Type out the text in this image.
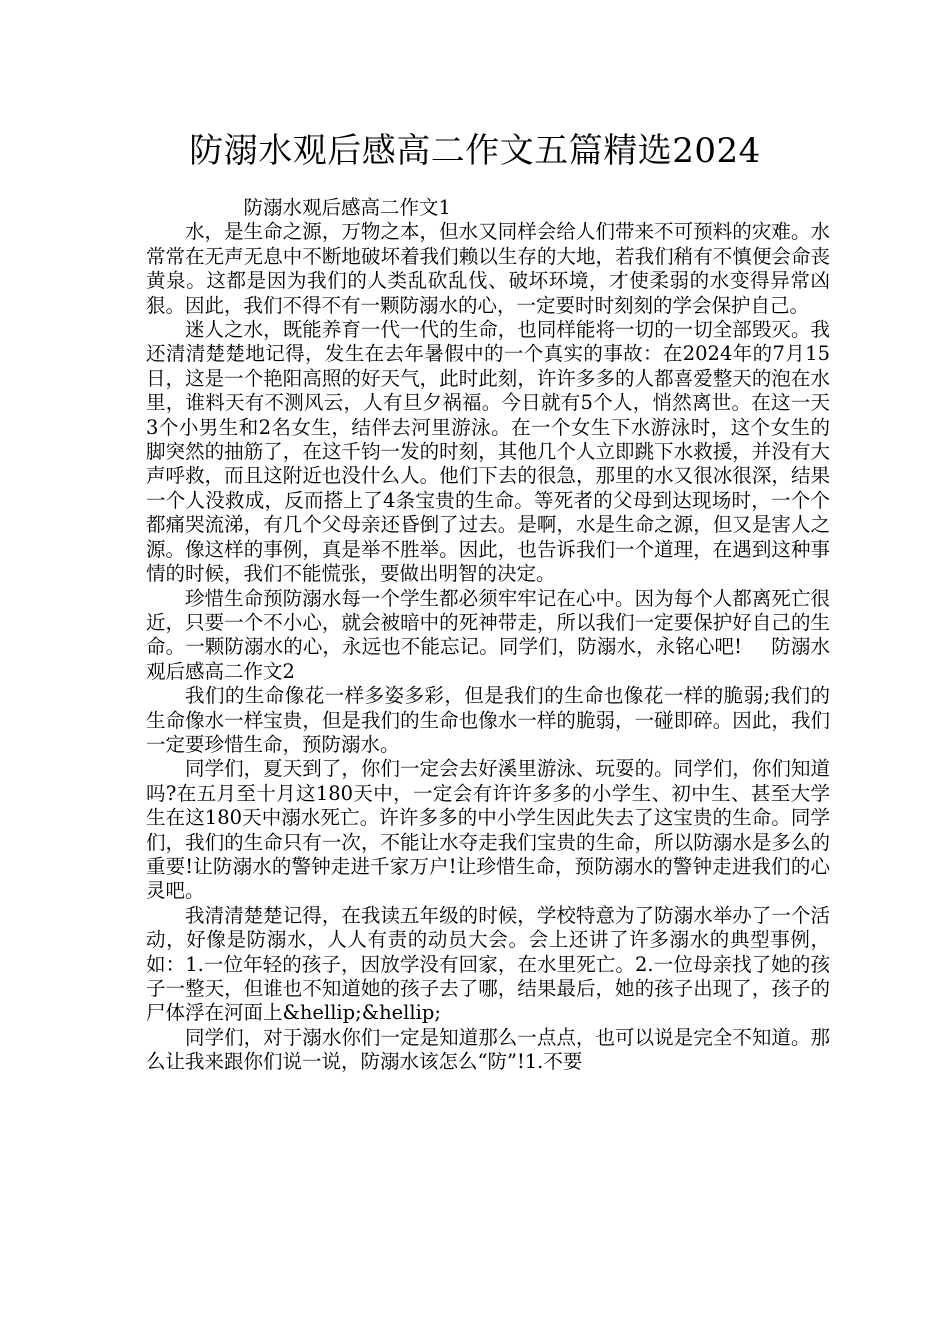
防溺水观后感高二作文五篇精选2024

防溺水观后感高二作文1

水，是生命之源，万物之本，但水又同样会给人们带来不可预料的灾难。水常常在无声无息中不断地破坏着我们赖以生存的大地，若我们稍有不慎便会命丧黄泉。这都是因为我们的人类乱砍乱伐、破坏环境，才使柔弱的水变得异常凶狠。因此，我们不得不有一颗防溺水的心，一定要时时刻刻的学会保护自己。

迷人之水，既能养育一代一代的生命，也同样能将一切的一切全部毁灭。我还清清楚楚地记得，发生在去年暑假中的一个真实的事故：在2024年的7月15日，这是一个艳阳高照的好天气，此时此刻，许许多多的人都喜爱整天的泡在水里，谁料天有不测风云，人有旦夕祸福。今日就有5个人，悄然离世。在这一天3个小男生和2名女生，结伴去河里游泳。在一个女生下水游泳时，这个女生的脚突然的抽筋了，在这千钧一发的时刻，其他几个人立即跳下水救援，并没有大声呼救，而且这附近也没什么人。他们下去的很急，那里的水又很冰很深，结果一个人没救成，反而搭上了4条宝贵的生命。等死者的父母到达现场时，一个个都痛哭流涕，有几个父母亲还昏倒了过去。是啊，水是生命之源，但又是害人之源。像这样的事例，真是举不胜举。因此，也告诉我们一个道理，在遇到这种事情的时候，我们不能慌张，要做出明智的决定。

珍惜生命预防溺水每一个学生都必须牢牢记在心中。因为每个人都离死亡很近，只要一个不小心，就会被暗中的死神带走，所以我们一定要保护好自己的生命。一颗防溺水的心，永远也不能忘记。同学们，防溺水，永铭心吧! 防溺水观后感高二作文2

我们的生命像花一样多姿多彩，但是我们的生命也像花一样的脆弱;我们的生命像水一样宝贵，但是我们的生命也像水一样的脆弱，一碰即碎。因此，我们一定要珍惜生命，预防溺水。

同学们，夏天到了，你们一定会去好溪里游泳、玩耍的。同学们，你们知道吗?在五月至十月这180天中，一定会有许许多多的小学生、初中生、甚至大学生在这180天中溺水死亡。许许多多的中小学生因此失去了这宝贵的生命。同学们，我们的生命只有一次，不能让水夺走我们宝贵的生命，所以防溺水是多么的重要!让防溺水的警钟走进千家万户!让珍惜生命，预防溺水的警钟走进我们的心灵吧。

我清清楚楚记得，在我读五年级的时候，学校特意为了防溺水举办了一个活动，好像是防溺水，人人有责的动员大会。会上还讲了许多溺水的典型事例，如：1.一位年轻的孩子，因放学没有回家，在水里死亡。2.一位母亲找了她的孩子一整天，但谁也不知道她的孩子去了哪，结果最后，她的孩子出现了，孩子的尸体浮在河面上&hellip;&hellip;

同学们，对于溺水你们一定是知道那么一点点，也可以说是完全不知道。那么让我来跟你们说一说，防溺水该怎么“防”!1.不要
